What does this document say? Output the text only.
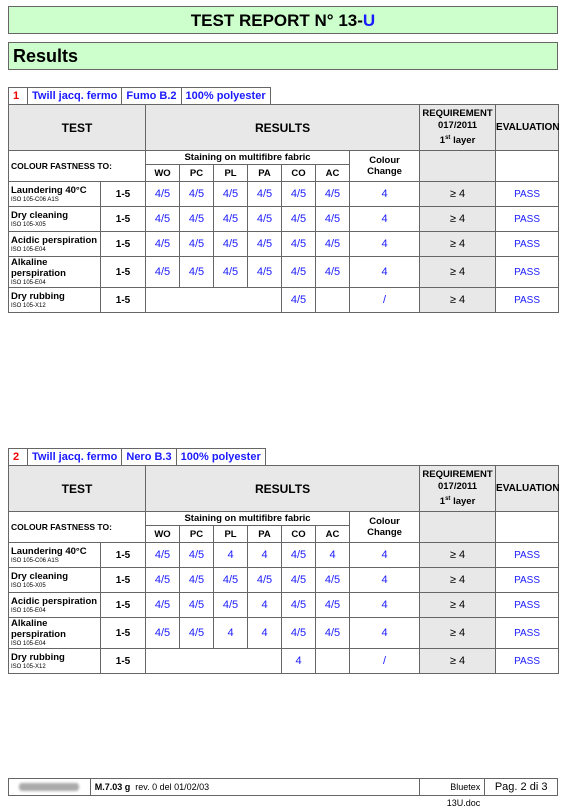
TEST REPORT N° 13-U
Results
1	Twill jacq. fermo Fumo B.2 100% polyester
TEST		RESULTS							REQUIREMENT
017/2011
1st layer	EVALUATION
COLOUR FASTNESS TO:		Staining on multifibre fabric						Colour
Change		
		WO	PC	PL	PA	CO	AC			
Laundering 40°C
ISO 105-C06 A1S	1-5	4/5	4/5	4/5	4/5	4/5	4/5	4	≥ 4	PASS
Dry cleaning
ISO 105-X05	1-5	4/5	4/5	4/5	4/5	4/5	4/5	4	≥ 4	PASS
Acidic perspiration
ISO 105-E04	1-5	4/5	4/5	4/5	4/5	4/5	4/5	4	≥ 4	PASS
Alkaline perspiration
ISO 105-E04	1-5	4/5	4/5	4/5	4/5	4/5	4/5	4	≥ 4	PASS
Dry rubbing
ISO 105-X12	1-5					4/5		/	≥ 4	PASS
2	Twill jacq. fermo Nero B.3 100% polyester
TEST		RESULTS							REQUIREMENT
017/2011
1st layer	EVALUATION
COLOUR FASTNESS TO:		Staining on multifibre fabric						Colour
Change		
		WO	PC	PL	PA	CO	AC			
Laundering 40°C
ISO 105-C06 A1S	1-5	4/5	4/5	4	4	4/5	4	4	≥ 4	PASS
Dry cleaning
ISO 105-X05	1-5	4/5	4/5	4/5	4/5	4/5	4/5	4	≥ 4	PASS
Acidic perspiration
ISO 105-E04	1-5	4/5	4/5	4/5	4	4/5	4/5	4	≥ 4	PASS
Alkaline perspiration
ISO 105-E04	1-5	4/5	4/5	4	4	4/5	4/5	4	≥ 4	PASS
Dry rubbing
ISO 105-X12	1-5					4		/	≥ 4	PASS
M.7.03 g rev. 0 del 01/02/03	Bluetex 13U.doc
Pag. 2 di 3
